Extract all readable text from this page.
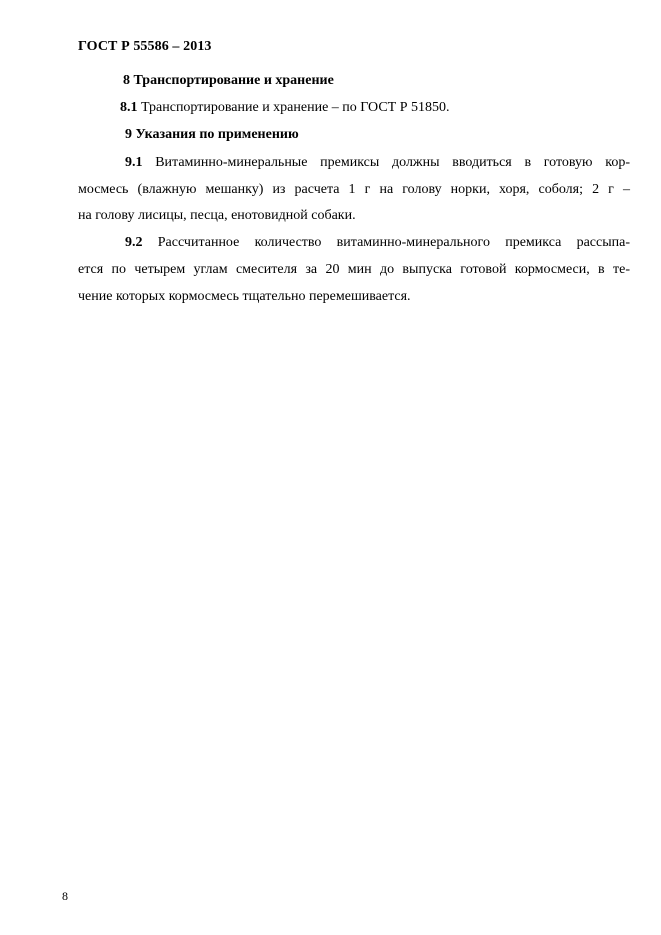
ГОСТ Р 55586 – 2013
8 Транспортирование и хранение
8.1 Транспортирование и хранение – по ГОСТ Р 51850.
9 Указания по применению
9.1 Витаминно-минеральные премиксы должны вводиться в готовую кор-
мосмесь (влажную мешанку) из расчета 1 г на голову норки, хоря, соболя; 2 г –
на голову лисицы, песца, енотовидной собаки.
9.2 Рассчитанное количество витаминно-минерального премикса рассыпа-
ется по четырем углам смесителя за 20 мин до выпуска готовой кормосмеси, в те-
чение которых кормосмесь тщательно перемешивается.
8
